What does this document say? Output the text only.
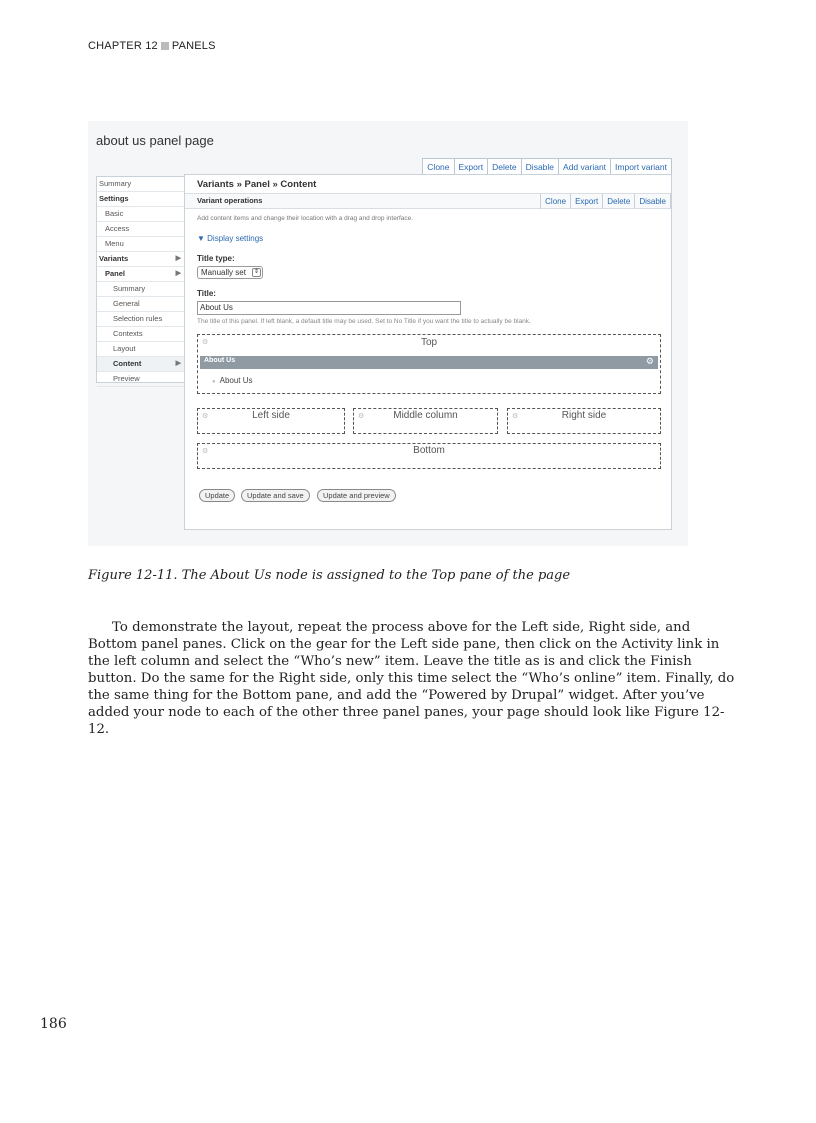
CHAPTER 12 PANELS
about us panel page
Clone	Export	Delete	Disable	Add variant	Import variant
Summary
Settings
Basic
Access
Menu
Variants	▶
Panel	▶
Summary
General
Selection rules
Contexts
Layout
Content	▶
Preview
Variants » Panel » Content
Variant operations	Clone	Export	Delete	Disable
Add content items and change their location with a drag and drop interface.
▼ Display settings
Title type:
Manually set	⇕
Title:
About Us
The title of this panel. If left blank, a default title may be used. Set to No Title if you want the title to actually be blank.
⚙	Top
About Us	⚙
● About Us
⚙	Left side	⚙	Middle column	⚙	Right side
⚙	Bottom
Update	Update and save	Update and preview
Figure 12-11. The About Us node is assigned to the Top pane of the page

To demonstrate the layout, repeat the process above for the Left side, Right side, and Bottom panel panes. Click on the gear for the Left side pane, then click on the Activity link in the left column and select the “Who’s new” item. Leave the title as is and click the Finish button. Do the same for the Right side, only this time select the “Who’s online” item. Finally, do the same thing for the Bottom pane, and add the “Powered by Drupal” widget. After you’ve added your node to each of the other three panel panes, your page should look like Figure 12-12.

186
